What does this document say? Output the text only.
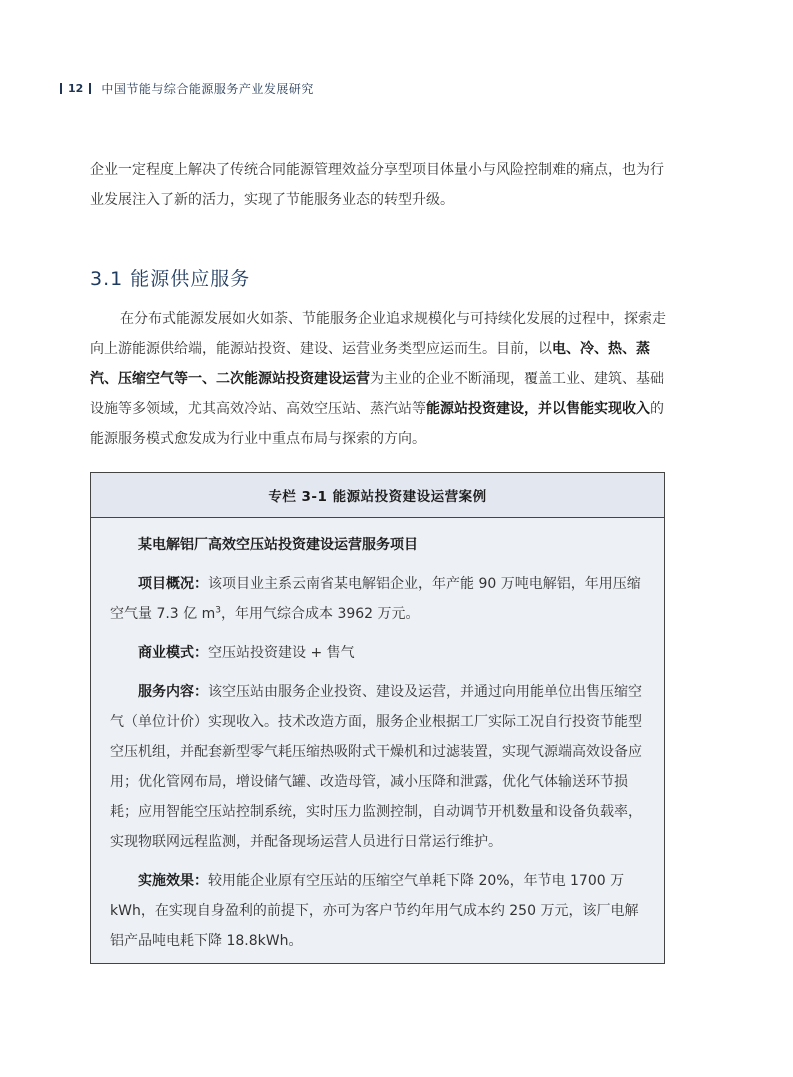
12 中国节能与综合能源服务产业发展研究
企业一定程度上解决了传统合同能源管理效益分享型项目体量小与风险控制难的痛点，也为行业发展注入了新的活力，实现了节能服务业态的转型升级。
3.1 能源供应服务
在分布式能源发展如火如荼、节能服务企业追求规模化与可持续化发展的过程中，探索走向上游能源供给端，能源站投资、建设、运营业务类型应运而生。目前，以电、冷、热、蒸汽、压缩空气等一、二次能源站投资建设运营为主业的企业不断涌现，覆盖工业、建筑、基础设施等多领域，尤其高效冷站、高效空压站、蒸汽站等能源站投资建设，并以售能实现收入的能源服务模式愈发成为行业中重点布局与探索的方向。
专栏 3-1 能源站投资建设运营案例
某电解铝厂高效空压站投资建设运营服务项目
项目概况：该项目业主系云南省某电解铝企业，年产能 90 万吨电解铝，年用压缩空气量 7.3 亿 $m^3$，年用气综合成本 3962 万元。
商业模式：空压站投资建设 + 售气
服务内容：该空压站由服务企业投资、建设及运营，并通过向用能单位出售压缩空气（单位计价）实现收入。技术改造方面，服务企业根据工厂实际工况自行投资节能型空压机组，并配套新型零气耗压缩热吸附式干燥机和过滤装置，实现气源端高效设备应用；优化管网布局，增设储气罐、改造母管，减小压降和泄露，优化气体输送环节损耗；应用智能空压站控制系统，实时压力监测控制，自动调节开机数量和设备负载率，实现物联网远程监测，并配备现场运营人员进行日常运行维护。
实施效果：较用能企业原有空压站的压缩空气单耗下降 20%，年节电 1700 万 kWh，在实现自身盈利的前提下，亦可为客户节约年用气成本约 250 万元，该厂电解铝产品吨电耗下降 18.8kWh。
